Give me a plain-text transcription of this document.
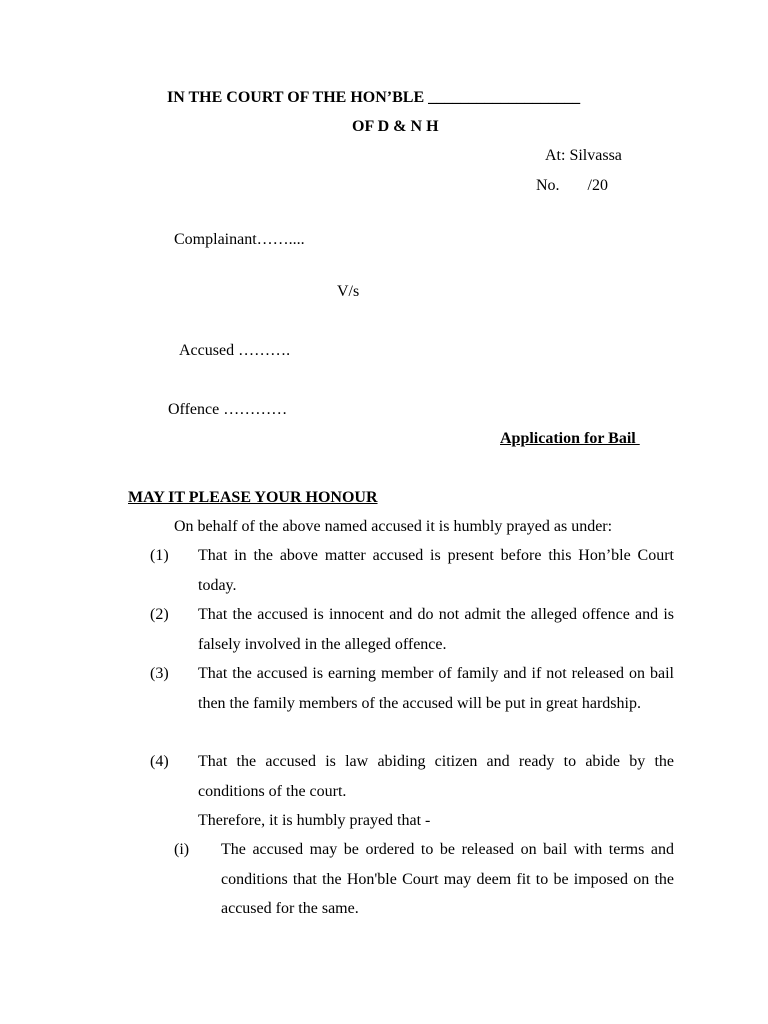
IN THE COURT OF THE HON’BLE ___________________
OF D & N H
At: Silvassa
No.       /20
Complainant……....
V/s
Accused ……….
Offence …………
Application for Bail
MAY IT PLEASE YOUR HONOUR
On behalf of the above named accused it is humbly prayed as under:
(1) That in the above matter accused is present before this Hon’ble Court today.
(2) That the accused is innocent and do not admit the alleged offence and is falsely involved in the alleged offence.
(3) That the accused is earning member of family and if not released on bail then the family members of the accused will be put in great hardship.
(4) That the accused is law abiding citizen and ready to abide by the conditions of the court.
Therefore, it is humbly prayed that -
(i) The accused may be ordered to be released on bail with terms and conditions that the Hon'ble Court may deem fit to be imposed on the accused for the same.
